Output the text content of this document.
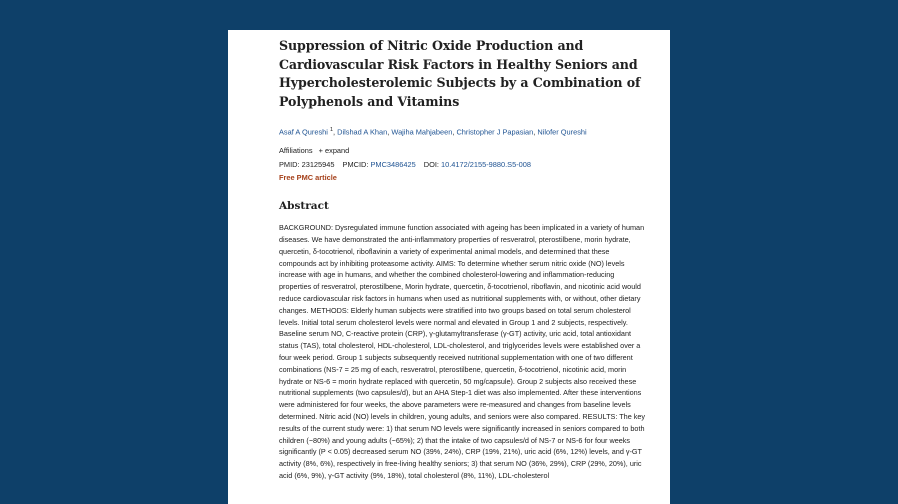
Suppression of Nitric Oxide Production and Cardiovascular Risk Factors in Healthy Seniors and Hypercholesterolemic Subjects by a Combination of Polyphenols and Vitamins
Asaf A Qureshi $^1$, Dilshad A Khan, Wajiha Mahjabeen, Christopher J Papasian, Nilofer Qureshi
Affiliations + expand
PMID: 23125945 PMCID: PMC3486425 DOI: 10.4172/2155-9880.S5-008
Free PMC article
Abstract

BACKGROUND: Dysregulated immune function associated with ageing has been implicated in a variety of human diseases. We have demonstrated the anti-inflammatory properties of resveratrol, pterostilbene, morin hydrate, quercetin, δ-tocotrienol, riboflavinin a variety of experimental animal models, and determined that these compounds act by inhibiting proteasome activity. AIMS: To determine whether serum nitric oxide (NO) levels increase with age in humans, and whether the combined cholesterol-lowering and inflammation-reducing properties of resveratrol, pterostilbene, Morin hydrate, quercetin, δ-tocotrienol, riboflavin, and nicotinic acid would reduce cardiovascular risk factors in humans when used as nutritional supplements with, or without, other dietary changes. METHODS: Elderly human subjects were stratified into two groups based on total serum cholesterol levels. Initial total serum cholesterol levels were normal and elevated in Group 1 and 2 subjects, respectively. Baseline serum NO, C-reactive protein (CRP), γ-glutamyltransferase (γ-GT) activity, uric acid, total antioxidant status (TAS), total cholesterol, HDL-cholesterol, LDL-cholesterol, and triglycerides levels were established over a four week period. Group 1 subjects subsequently received nutritional supplementation with one of two different combinations (NS-7 = 25 mg of each, resveratrol, pterostilbene, quercetin, δ-tocotrienol, nicotinic acid, morin hydrate or NS-6 = morin hydrate replaced with quercetin, 50 mg/capsule). Group 2 subjects also received these nutritional supplements (two capsules/d), but an AHA Step-1 diet was also implemented. After these interventions were administered for four weeks, the above parameters were re-measured and changes from baseline levels determined. Nitric acid (NO) levels in children, young adults, and seniors were also compared. RESULTS: The key results of the current study were: 1) that serum NO levels were significantly increased in seniors compared to both children (~80%) and young adults (~65%); 2) that the intake of two capsules/d of NS-7 or NS-6 for four weeks significantly (P < 0.05) decreased serum NO (39%, 24%), CRP (19%, 21%), uric acid (6%, 12%) levels, and γ-GT activity (8%, 6%), respectively in free-living healthy seniors; 3) that serum NO (36%, 29%), CRP (29%, 20%), uric acid (6%, 9%), γ-GT activity (9%, 18%), total cholesterol (8%, 11%), LDL-cholesterol
